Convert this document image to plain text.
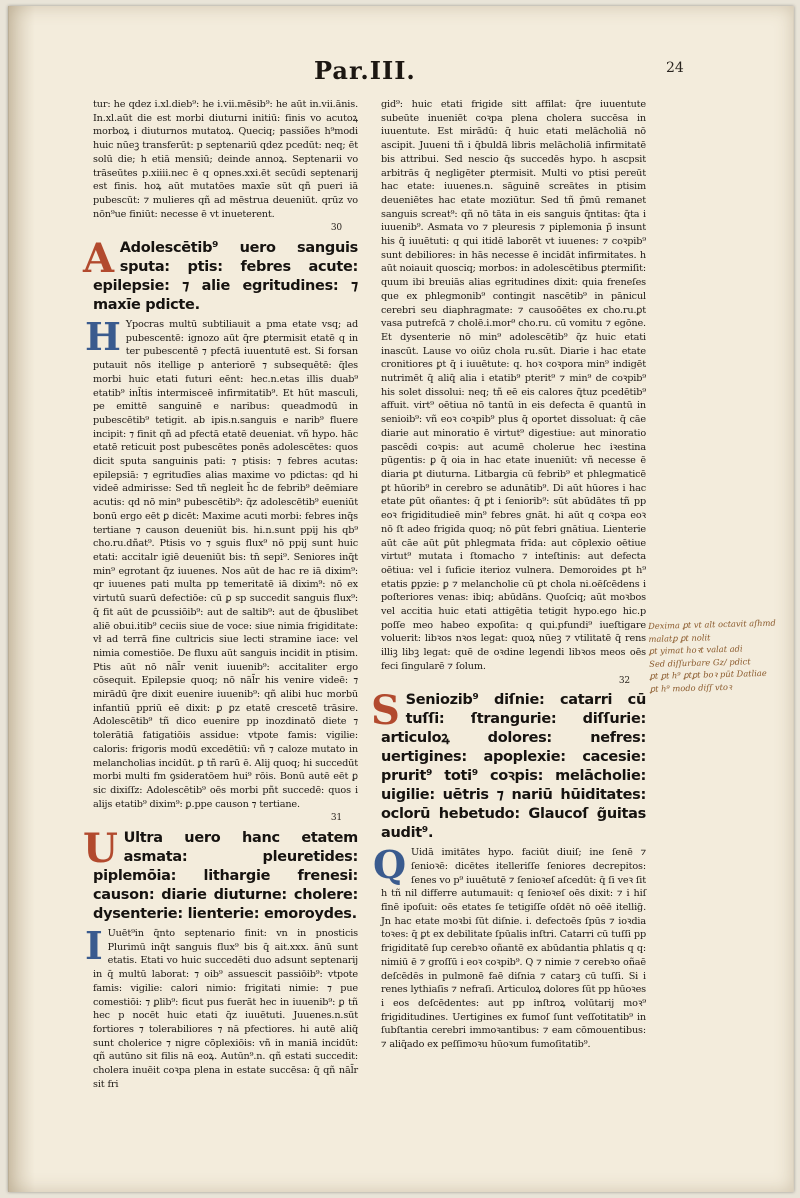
Par.III.	24

tur: he qdez i.xl.dieb⁹: he i.vii.mēsib⁹: he aūt in.vii.ānis. In.xl.aūt die est morbi diuturni initiū: finis vo acutoꝝ morboꝝ i diuturnos mutatoꝝ. Queciq; passiões h⁹modi huic nūeꝫ transferūt: p septenariū qdez pcedūt: neq; ēt solū die; h etiā mensiū; deinde annoꝝ. Septenarii vo trāseūtes p.xiiii.nec ē q opnes.xxi.ēt secūdi septenarij est finis. hoꝝ aūt mutatōes maxīe sūt qñ pueri iā pubescūt: ⁊ mulieres qñ ad mēstrua deueniūt. qrūz vo nōn⁹ue finiūt: necesse ē vt inueterent.

30
A Adolescētib⁹ uero sanguis sputa: ptis: febres acute: epilepsie: ⁊ alie egritudines: ⁊ maxīe pdicte.
H Ypocras multū subtiliauit a pma etate vsq; ad pubescentē: ignozo aūt q̄re ꝑtermisit etatē q in ter pubescentē ⁊ pfectā iuuentutē est. Si forsan putauit nōs itellige p anteriorē ⁊ subsequētē: q̄les morbi huic etati futuri eēnt: hec.n.etas illis duab⁹ etatib⁹ inl̄tis intermisceē infirmitatib⁹. Et hūt masculi, pe emittē sanguinē e naribus: queadmodū in pubescētib⁹ tetigit. ab ipis.n.sanguis e narib⁹ fluere incipit: ⁊ finit qñ ad pfectā etatē deueniat. vñ hypo. hāc etatē reticuit post pubescētes ponēs adolescētes: quos dicit sputa sanguinis pati: ⁊ ptisis: ⁊ febres acutas: epilepsiā: ⁊ egritudīes alias maxime vo pdictas: qd hi videē admirisse: Sed tñ negleit h̄c de febrib⁹ deēmiare acutis: qd nō min⁹ pubescētib⁹: q̄z adolescētib⁹ eueniūt bonū ergo eēt ꝑ dicēt: Maxime acuti morbi: febres inq̄s tertiane ⁊ causon deueniūt bis. hi.n.sunt ppij his qb⁹ cho.ru.dñat⁹. Ptisis vo ⁊ sguis flux⁹ nō ppij sunt huic etati: accitalr igiē deueniūt bis: tn̄ sepi⁹. Seniores inq̄t min⁹ egrotant q̄z iuuenes. Nos aūt de hac re iā dixim⁹: qr iuuenes pati multa pp temeritatē iā dixim⁹: nō ex virtutū suarū defectiōe: cū ꝑ sp succedit sanguis flux⁹: q̄ fit aūt de ꝑcussiōib⁹: aut de saltib⁹: aut de q̄buslibet aliē obui.itib⁹ ceciis siue de voce: siue nimia frigiditate: vł ad terrā fine cultricis siue lecti stramine iace: vel nimia comestiōe. De fluxu aūt sanguis incidit in ptisim. Ptis aūt nō nāl̄r venit iuuenib⁹: accitaliter ergo cōsequit. Epilepsie quoq; nō nāl̄r his venire videē: ⁊ mirādū q̄re dixit euenire iuuenib⁹: qñ alibi huc morbū infantiū ppriū eē dixit: ꝑ ꝑz etatē crescetē trāsire. Adolescētib⁹ tñ dico euenire pp inozdinatō diete ⁊ tolerātiā fatigatiōis assidue: vtpote famis: vigilie: caloris: frigoris modū excedētiū: vñ ⁊ caloze mutato in melancholias incidūt. ꝑ tñ rarū ē. Alij quoq; hi succedūt morbi multi fm ꝯsideratōem hui⁹ rōis. Bonū autē eēt ꝑ sic dixiſſz: Adolescētib⁹ oēs morbi pñt succedē: quos i alijs etatib⁹ dixim⁹: ꝑ.ppe causon ⁊ tertiane.

31
U Ultra uero hanc etatem asmata: pleuretides: piplemōia: lithargie frenesi: causon: diarie diuturne: cholere: dysenterie: lienterie: emoroydes.
I Uuēt⁹in q̄nto septenario finit: vn in pnosticis Plurimū inq̄t sanguis flux⁹ bis q̄ ait.xxx. ānū sunt etatis. Etati vo huic succedēti duo adsunt septenarij in q̄ multū laborat: ⁊ oib⁹ assuescit passiōib⁹: vtpote famis: vigilie: calori nimio: frigitati nimie: ⁊ pue comestiōi: ⁊ ꝑlib⁹: ficut pus fuerāt hec in iuuenib⁹: ꝑ tñ hec p nocēt huic etati q̄z iuuētuti. Juuenes.n.sūt fortiores ⁊ tolerabiliores ⁊ nā pfectiores. hi autē aliq̄ sunt cholerice ⁊ nigre cōplexiōis: vñ in maniā incidūt: qñ autūno sit filis nā eoꝝ. Autūn⁹.n. qñ estati succedit: cholera inuēit coꝛpa plena in estate succēsa: q̄ qñ nāl̄r sit fri

gid⁹: huic etati frigide sitt affilat: q̄re iuuentute subeūte inueniēt coꝛpa plena cholera succēsa in iuuentute. Est mirādū: q̄ huic etati melācholiā nō ascipit. Juueni tñ i q̄buldā libris melācholiā infirmitatē bis attribui. Sed nescio q̄s succedēs hypo. h ascpsit arbitrās q̄ negligēter ꝑtermisit. Multi vo ptisi pereūt hac etate: iuuenes.n. sāguinē screātes in ptisim deueniētes hac etate moziūtur. Sed tñ p̄mū remanet sanguis screat⁹: qñ nō tāta in eis sanguis q̄ntitas: q̄ta i iuuenib⁹. Asmata vo ⁊ pleuresis ⁊ piplemonia p̄ insunt his q̄ iuuētuti: q qui itidē laborēt vt iuuenes: ⁊ coꝛpib⁹ sunt debiliores: in hās necesse ē incidāt infirmitates. h aūt noiauit quosciq; morbos: in adolescētibus ꝑtermiſit: quum ibi breuiās alias egritudines dixit: quia freneſes que ex phlegmonib⁹ contingit nascētib⁹ in pānicul cerebri seu diaphragmate: ⁊ causoōētes ex cho.ru.ꝑt vasa putrefcā ⁊ cholē.i.mor⁹ cho.ru. cū vomitu ⁊ egōne. Et dysenterie nō min⁹ adolescētib⁹ q̄z huic etati inascūt. Lause vo oiūz chola ru.sūt. Diarie i hac etate cronitiores ꝑt q̄ i iuuētute: q. hoꝛ coꝛpora min⁹ indigēt nutrimēt q̄ aliq̄ alia i etatib⁹ pterit⁹ ⁊ min⁹ de coꝛpib⁹ his solet dissolui: neq; tñ eē eis calores q̄tuz pcedētib⁹ affuit. virt⁹ oētiua nō tantū in eis defecta ē quantū in senioib⁹: vñ eoꝛ coꝛpib⁹ plus q̄ oportet dissoluat: q̄ cāe diarie aut minoratio ē virtut⁹ digestiue: aut minoratio pascēdi coꝛpis: aut acumē cholerue hec iꝛestina pūgentis: ꝑ q̄ oia in hac etate inueniūt: vñ necesse ē diaria ꝑt diuturna. Litbargia cū febrib⁹ et phlegmaticē ꝑt hūorib⁹ in cerebro se adunātib⁹. Di aūt hūores i hac etate ꝑūt oñantes: q̄ ꝑt i ſeniorib⁹: sūt abūdātes tñ pp eoꝛ frigiditudieē min⁹ febres gnāt. hi aūt q coꝛpa eoꝛ nō ſt adeo frigida quoq; nō ꝑūt febri gnātiua. Lienterie aūt cāe aūt ꝑūt phlegmata frīda: aut cōplexio oētiue virtut⁹ mutata i ſtomacho ⁊ inteſtinis: aut defecta oētiua: vel i ſuficie iterioz vulnera. Demoroides ꝑt h⁹ etatis ꝑpzie: ꝑ ⁊ melancholie cū ꝑt chola ni.oēſcēdens i poſteriores venas: ibiq; abūdāns. Quoſciq; aūt moꝛbos vel accitia huic etati attigētia tetigit hypo.ego hic.p poſſe meo habeo expoſita: q qui.pfundi⁹ iueſtigare voluerit: libꝛos nꝛos legat: quoꝝ nūeꝫ ⁊ vtilitatē q̄ rens illiꝫ libꝫ legat: quē de oꝛdine legendi libꝛos meos oēs feci ſingularē ⁊ ſolum.

32
S Seniozib⁹ diſnie: catarri cū tuſſi: ſtrangurie: diſſurie: articuloꝝ dolores: nefres: uertigines: apoplexie: cacesie: prurit⁹ toti⁹ coꝛpis: melācholie: uigilie: uētris ⁊ nariū hūiditates: oclorū hebetudo: Glaucoſ g̃uitas audit⁹.
Q Uidā imitātes hypo. faciūt diuiſ; ine ſenē ⁊ ſenioꝛē: dicētes itelleriſſe ſeniores decrepitos: ſenes vo p⁹ iuuētutē ⁊ ſenioꝛeſ aſcedūt: q̄ ſi veꝛ ſit h tñ nil differre autumauit: q ſenioꝛeſ oēs dixit: ⁊ i hiſ fīnē ipoſuit: oēs etates ſe tetigiſſe oſdēt nō oēē itellig̃. Jn hac etate moꝛbi ſūt diſnie. i. defectoēs ſpūs ⁊ ioꝛdia toꝛes: q̄ ꝑt ex debilitate ſpūalis inſtri. Catarri cū tuſſi pp frigiditatē ſup cerebꝛo oñantē ex abūdantia phlatis q q: nimiū ē ⁊ groſſū i eoꝛ coꝛpib⁹. Q ⁊ nimie ⁊ cerebꝛo oñaē deſcēdēs in pulmonē faē diſnia ⁊ catarꝫ cū tuſſi. Si i renes lythiaſis ⁊ nefraſi. Articuloꝝ dolores ſūt pp hūoꝛes i eos deſcēdentes: aut pp inſtroꝝ volūtarij moꝛ⁹ frigiditudines. Uertigines ex fumoſ ſunt veſſotitatib⁹ in ſubſtantia cerebri immoꝛantibus: ⁊ eam cōmouentibus: ⁊ aliq̄ado ex peſſimoꝛu hūoꝛum fumoſitatib⁹.

Dexima ꝑt vt alt octavit aſhmd
malatꝑ ꝑt nolit
ꝑt yimat hoꝛt valat adi
Sed diſſurbare Gz/ pdict
ꝑt ꝑt h⁹ ꝑtꝑt boꝛ pūt Datliae
ꝑt h⁹ modo diſſ vtoꝛ
